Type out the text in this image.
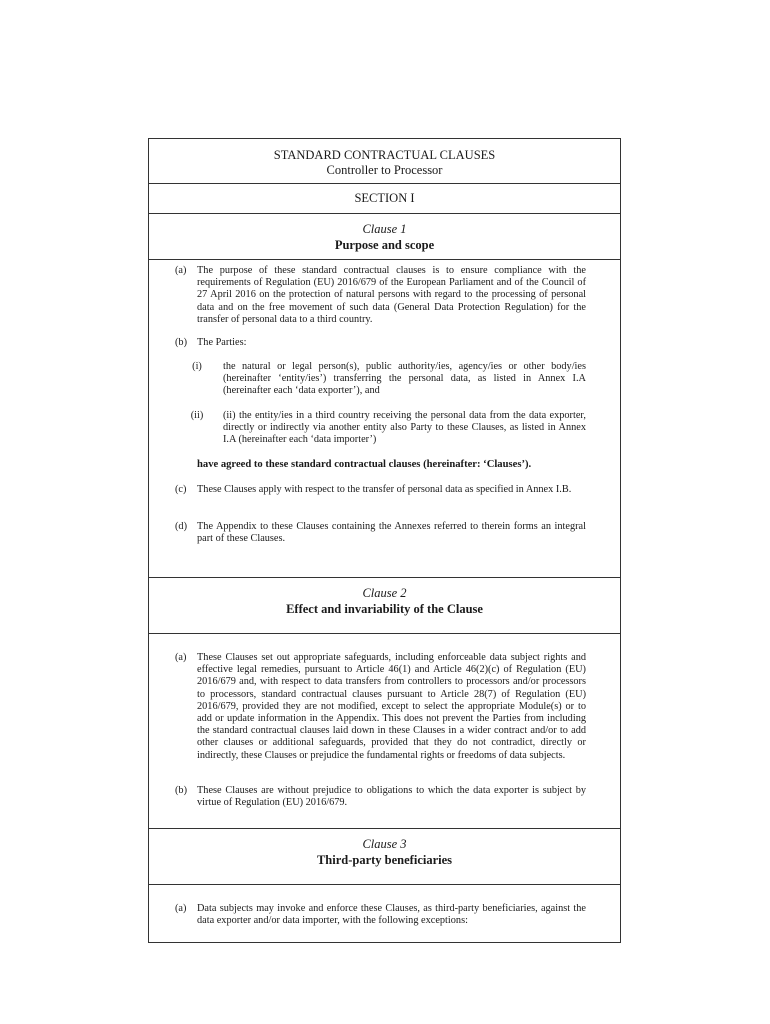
STANDARD CONTRACTUAL CLAUSES
Controller to Processor
SECTION I
Clause 1
Purpose and scope
(a) The purpose of these standard contractual clauses is to ensure compliance with the requirements of Regulation (EU) 2016/679 of the European Parliament and of the Council of 27 April 2016 on the protection of natural persons with regard to the processing of personal data and on the free movement of such data (General Data Protection Regulation) for the transfer of personal data to a third country.
(b) The Parties:
(i)	the natural or legal person(s), public authority/ies, agency/ies or other body/ies (hereinafter ‘entity/ies’) transferring the personal data, as listed in Annex I.A (hereinafter each ‘data exporter’), and
(ii)	(ii) the entity/ies in a third country receiving the personal data from the data exporter, directly or indirectly via another entity also Party to these Clauses, as listed in Annex I.A (hereinafter each ‘data importer’)
have agreed to these standard contractual clauses (hereinafter: ‘Clauses’).
(c) These Clauses apply with respect to the transfer of personal data as specified in Annex I.B.
(d) The Appendix to these Clauses containing the Annexes referred to therein forms an integral part of these Clauses.
Clause 2
Effect and invariability of the Clause
(a) These Clauses set out appropriate safeguards, including enforceable data subject rights and effective legal remedies, pursuant to Article 46(1) and Article 46(2)(c) of Regulation (EU) 2016/679 and, with respect to data transfers from controllers to processors and/or processors to processors, standard contractual clauses pursuant to Article 28(7) of Regulation (EU) 2016/679, provided they are not modified, except to select the appropriate Module(s) or to add or update information in the Appendix. This does not prevent the Parties from including the standard contractual clauses laid down in these Clauses in a wider contract and/or to add other clauses or additional safeguards, provided that they do not contradict, directly or indirectly, these Clauses or prejudice the fundamental rights or freedoms of data subjects.
(b) These Clauses are without prejudice to obligations to which the data exporter is subject by virtue of Regulation (EU) 2016/679.
Clause 3
Third-party beneficiaries
(a) Data subjects may invoke and enforce these Clauses, as third-party beneficiaries, against the data exporter and/or data importer, with the following exceptions:
